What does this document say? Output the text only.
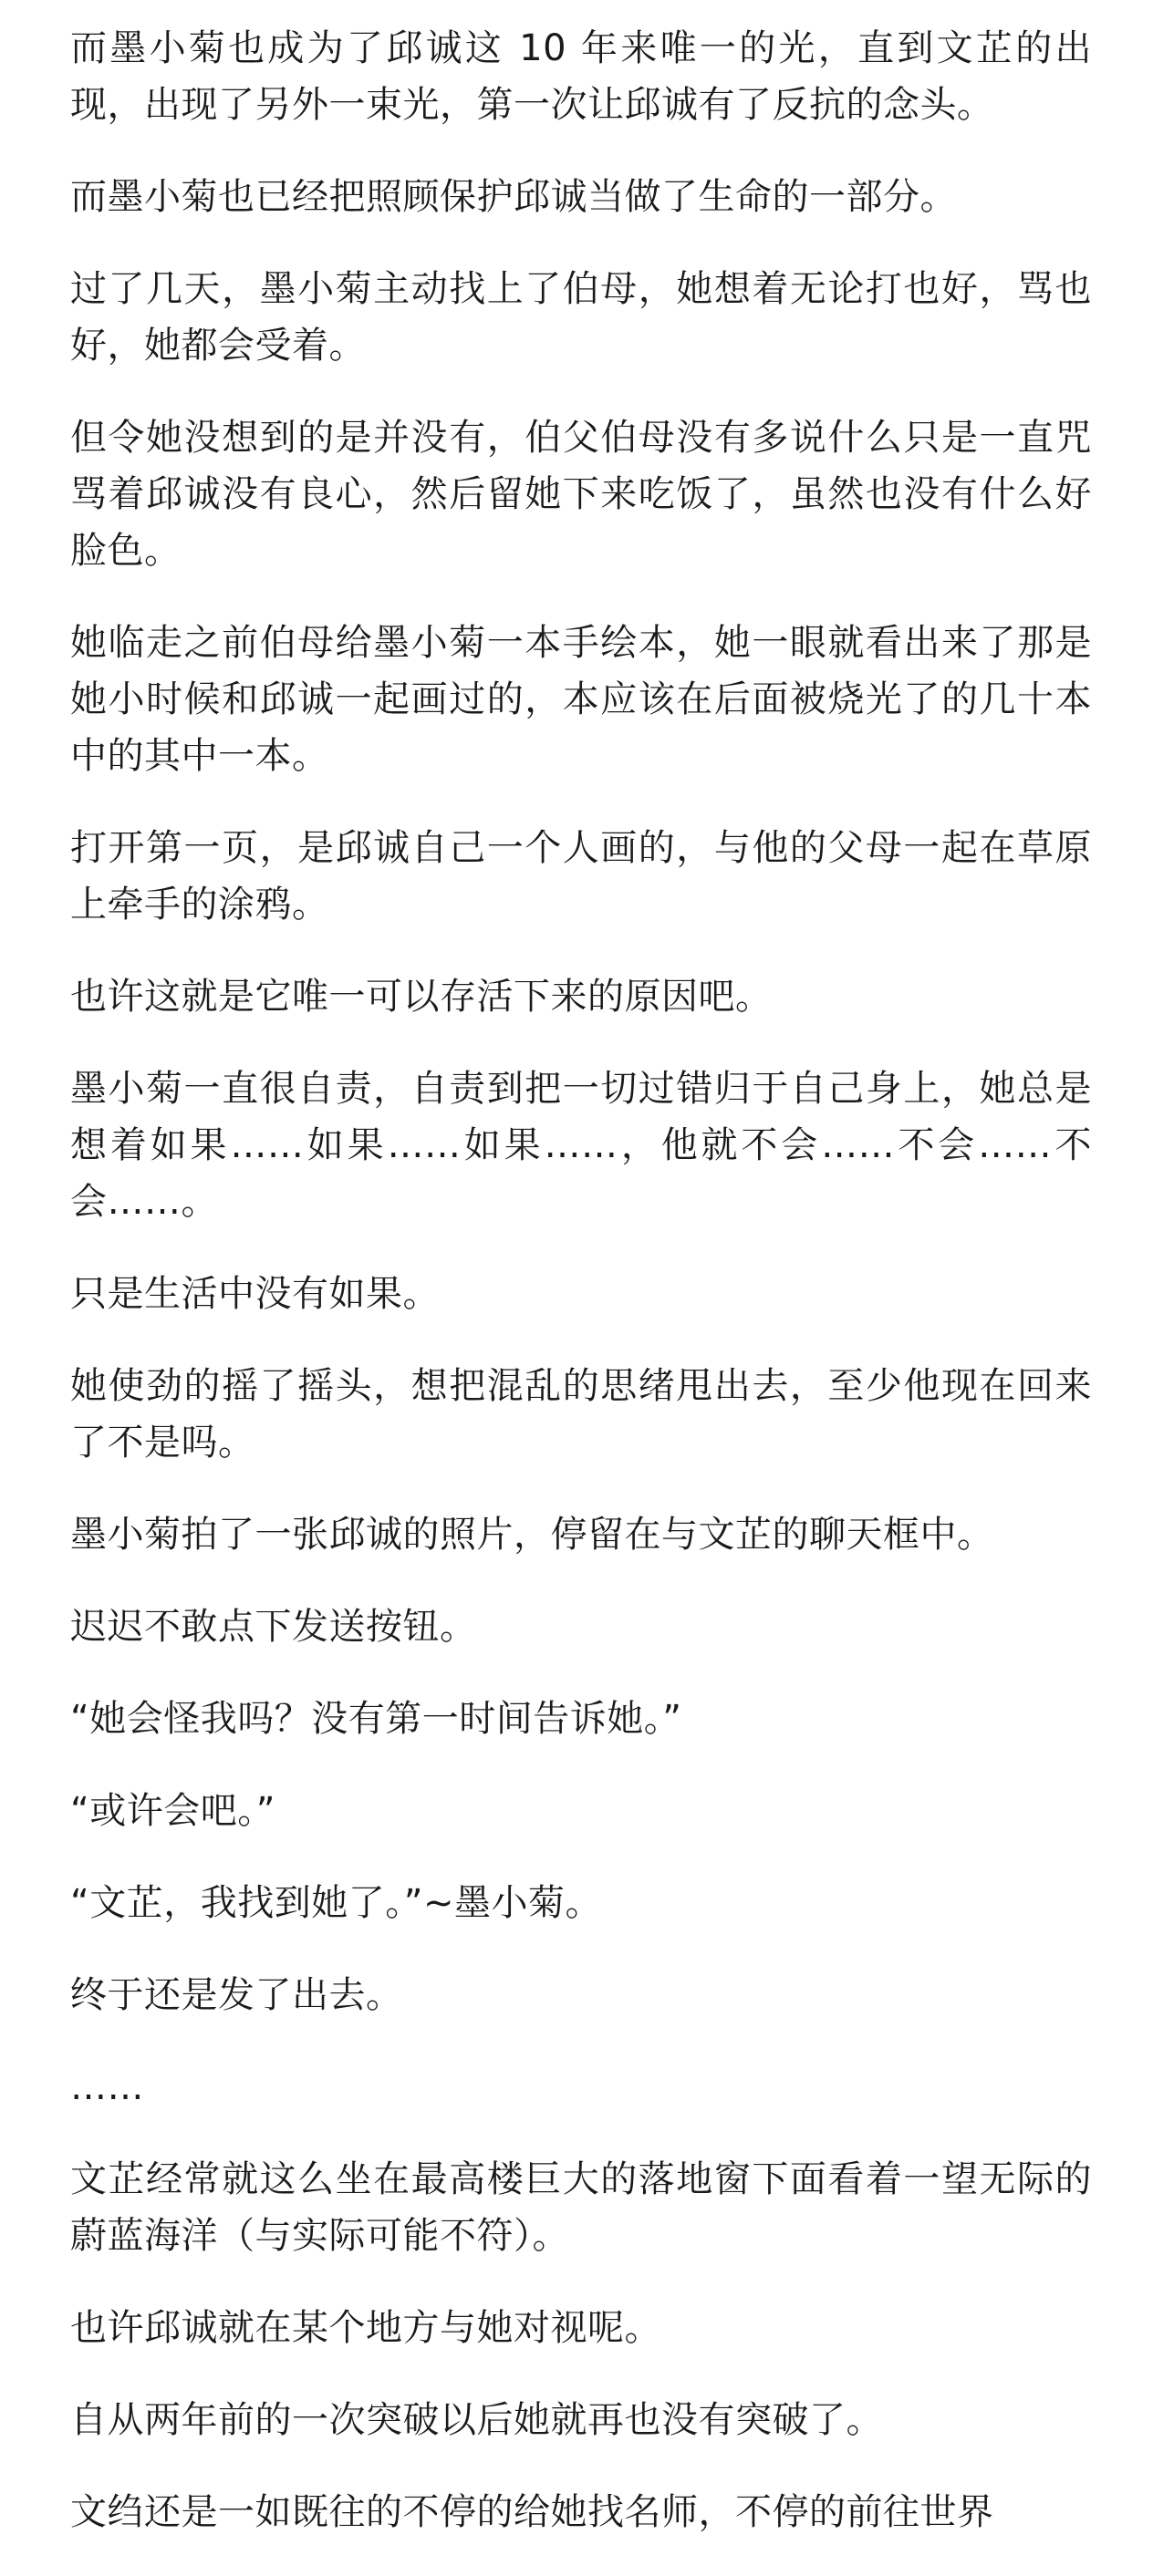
而墨小菊也成为了邱诚这 10 年来唯一的光，直到文芷的出现，出现了另外一束光，第一次让邱诚有了反抗的念头。

而墨小菊也已经把照顾保护邱诚当做了生命的一部分。

过了几天，墨小菊主动找上了伯母，她想着无论打也好，骂也好，她都会受着。

但令她没想到的是并没有，伯父伯母没有多说什么只是一直咒骂着邱诚没有良心，然后留她下来吃饭了，虽然也没有什么好脸色。

她临走之前伯母给墨小菊一本手绘本，她一眼就看出来了那是她小时候和邱诚一起画过的，本应该在后面被烧光了的几十本中的其中一本。

打开第一页，是邱诚自己一个人画的，与他的父母一起在草原上牵手的涂鸦。

也许这就是它唯一可以存活下来的原因吧。

墨小菊一直很自责，自责到把一切过错归于自己身上，她总是想着如果……如果……如果……，他就不会……不会……不会……。

只是生活中没有如果。

她使劲的摇了摇头，想把混乱的思绪甩出去，至少他现在回来了不是吗。

墨小菊拍了一张邱诚的照片，停留在与文芷的聊天框中。

迟迟不敢点下发送按钮。

“她会怪我吗？没有第一时间告诉她。”

“或许会吧。”

“文芷，我找到她了。”~墨小菊。

终于还是发了出去。

……

文芷经常就这么坐在最高楼巨大的落地窗下面看着一望无际的蔚蓝海洋（与实际可能不符）。

也许邱诚就在某个地方与她对视呢。

自从两年前的一次突破以后她就再也没有突破了。

文绉还是一如既往的不停的给她找名师，不停的前往世界
